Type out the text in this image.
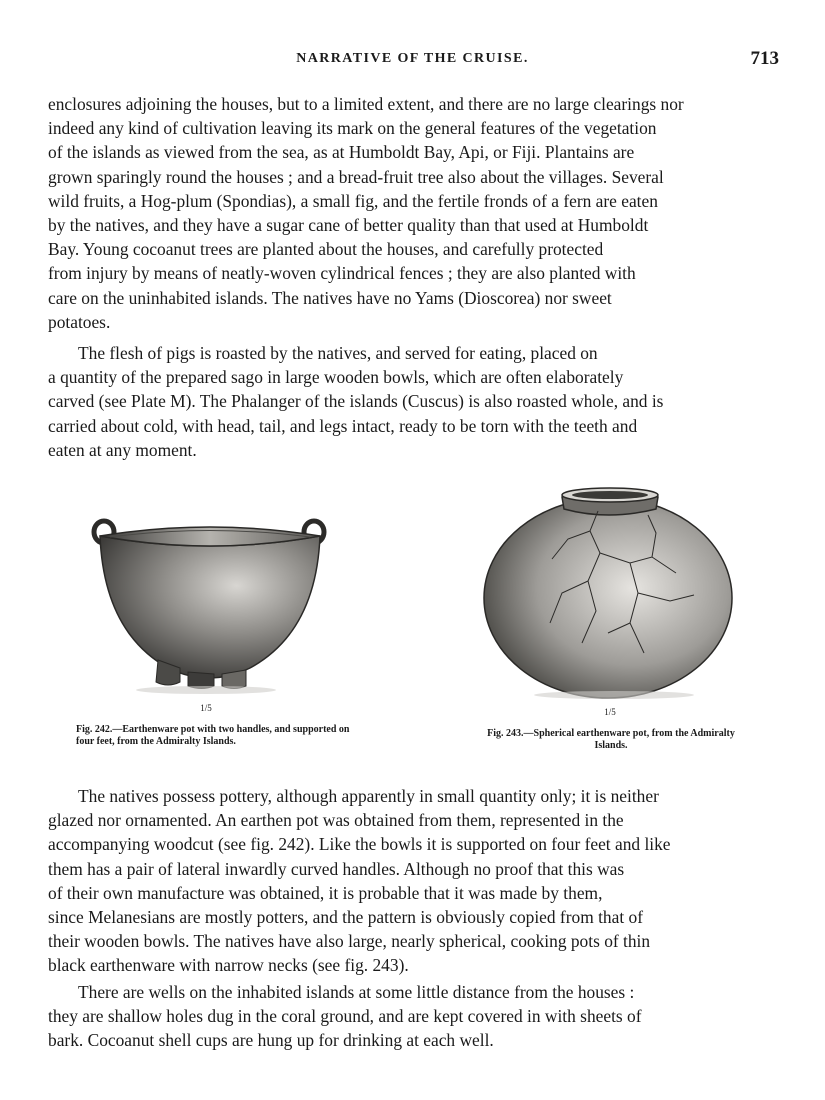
NARRATIVE OF THE CRUISE.	713
enclosures adjoining the houses, but to a limited extent, and there are no large clearings nor
indeed any kind of cultivation leaving its mark on the general features of the vegetation
of the islands as viewed from the sea, as at Humboldt Bay, Api, or Fiji. Plantains are
grown sparingly round the houses ; and a bread-fruit tree also about the villages. Several
wild fruits, a Hog-plum (Spondias), a small fig, and the fertile fronds of a fern are eaten
by the natives, and they have a sugar cane of better quality than that used at Humboldt
Bay. Young cocoanut trees are planted about the houses, and carefully protected
from injury by means of neatly-woven cylindrical fences ; they are also planted with
care on the uninhabited islands. The natives have no Yams (Dioscorea) nor sweet
potatoes.
The flesh of pigs is roasted by the natives, and served for eating, placed on
a quantity of the prepared sago in large wooden bowls, which are often elaborately
carved (see Plate M). The Phalanger of the islands (Cuscus) is also roasted whole, and is
carried about cold, with head, tail, and legs intact, ready to be torn with the teeth and
eaten at any moment.
1/5
Fig. 242.—Earthenware pot with two handles, and supported on four feet, from the Admiralty Islands.
1/5
Fig. 243.—Spherical earthenware pot, from the Admiralty Islands.
The natives possess pottery, although apparently in small quantity only; it is neither
glazed nor ornamented. An earthen pot was obtained from them, represented in the
accompanying woodcut (see fig. 242). Like the bowls it is supported on four feet and like
them has a pair of lateral inwardly curved handles. Although no proof that this was
of their own manufacture was obtained, it is probable that it was made by them,
since Melanesians are mostly potters, and the pattern is obviously copied from that of
their wooden bowls. The natives have also large, nearly spherical, cooking pots of thin
black earthenware with narrow necks (see fig. 243).
There are wells on the inhabited islands at some little distance from the houses :
they are shallow holes dug in the coral ground, and are kept covered in with sheets of
bark. Cocoanut shell cups are hung up for drinking at each well.
